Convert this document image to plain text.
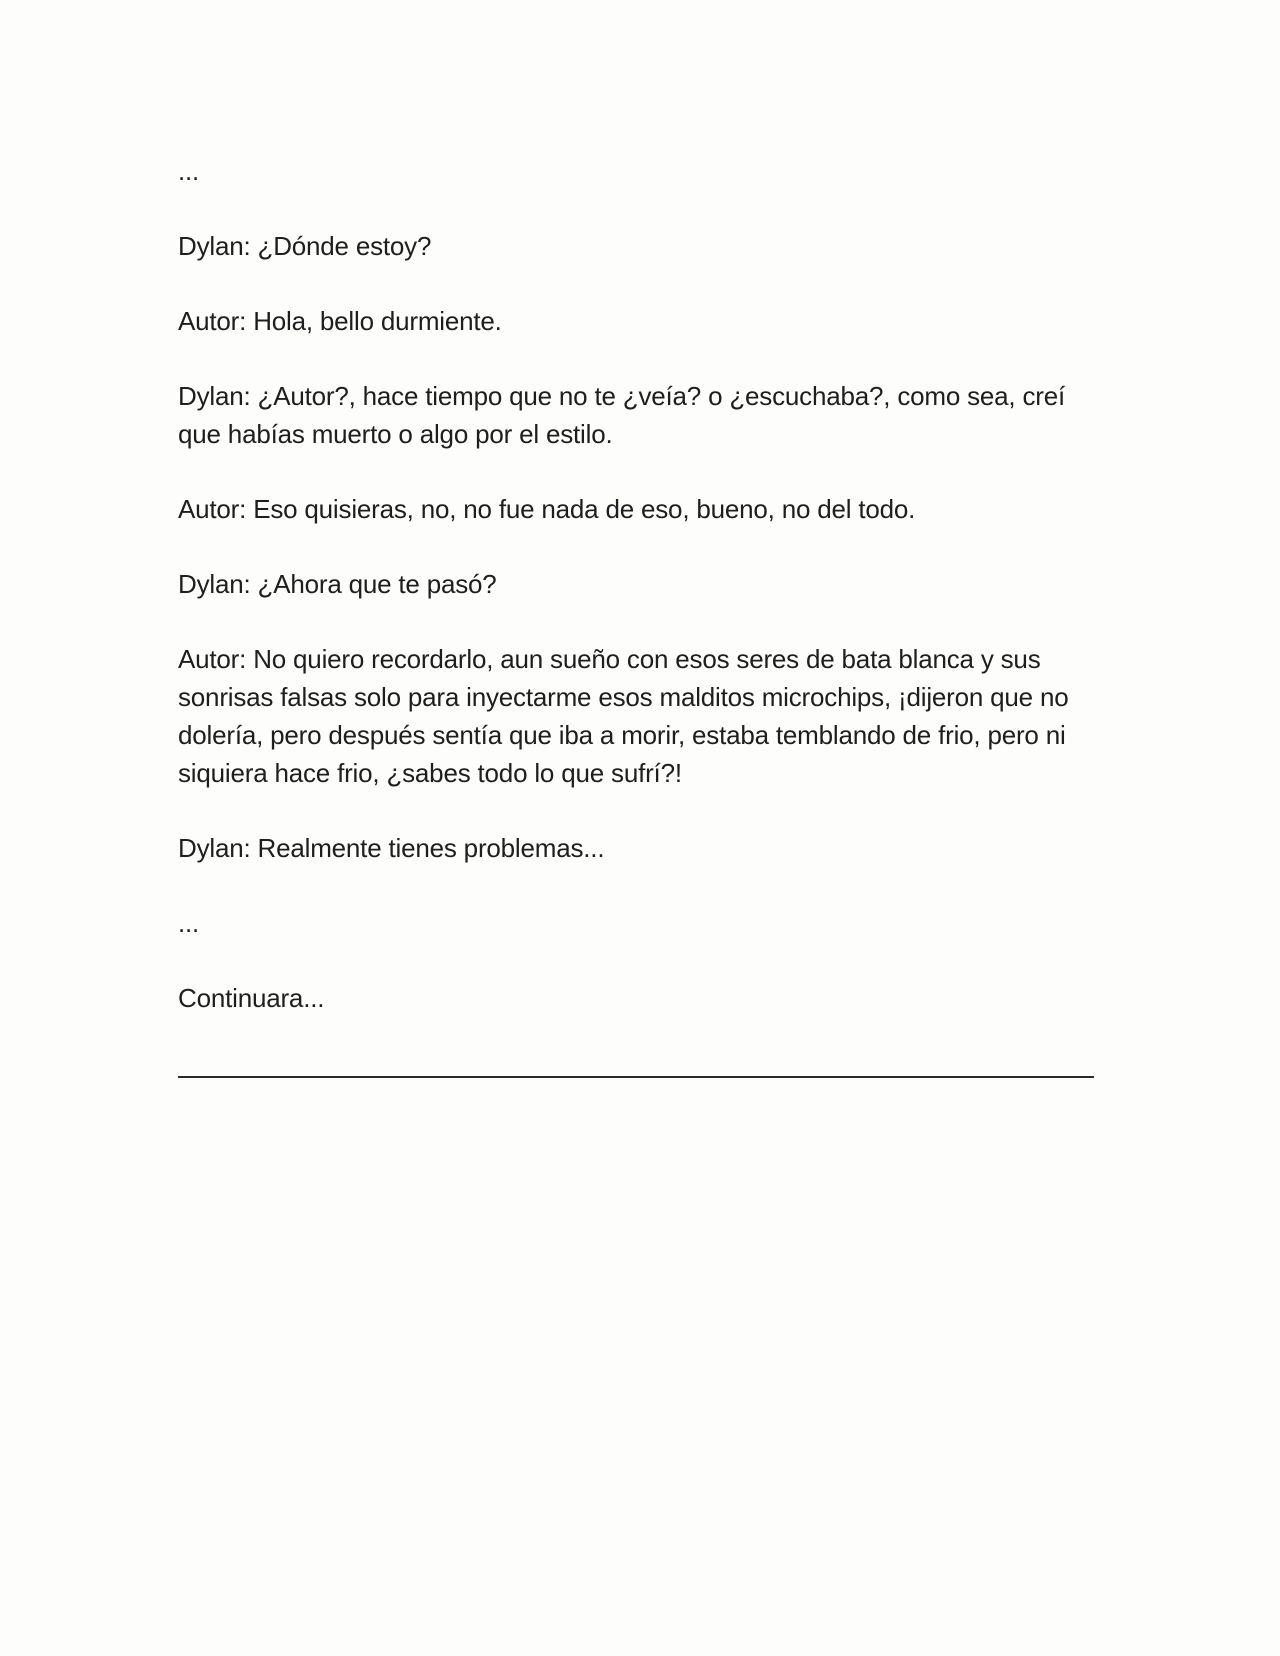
...

Dylan: ¿Dónde estoy?

Autor: Hola, bello durmiente.

Dylan: ¿Autor?, hace tiempo que no te ¿veía? o ¿escuchaba?, como sea, creí que habías muerto o algo por el estilo.

Autor: Eso quisieras, no, no fue nada de eso, bueno, no del todo.

Dylan: ¿Ahora que te pasó?

Autor: No quiero recordarlo, aun sueño con esos seres de bata blanca y sus sonrisas falsas solo para inyectarme esos malditos microchips, ¡dijeron que no dolería, pero después sentía que iba a morir, estaba temblando de frio, pero ni siquiera hace frio, ¿sabes todo lo que sufrí?!

Dylan: Realmente tienes problemas...

...

Continuara...
